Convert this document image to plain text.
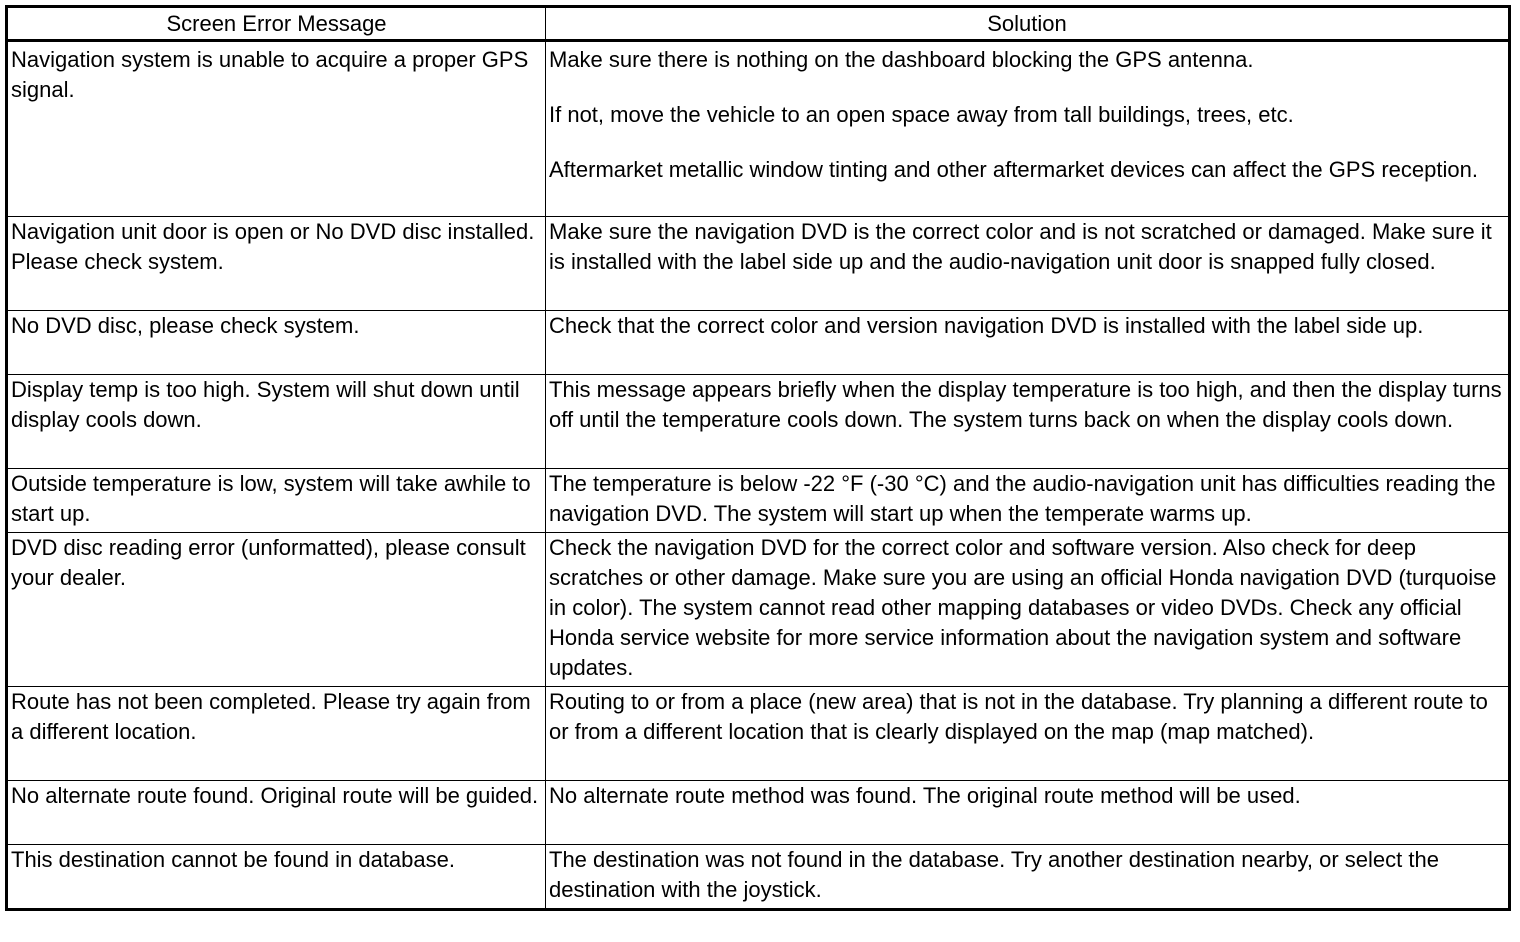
Screen Error Message	Solution
Navigation system is unable to acquire a proper GPS signal.	Make sure there is nothing on the dashboard blocking the GPS antenna.
If not, move the vehicle to an open space away from tall buildings, trees, etc.
Aftermarket metallic window tinting and other aftermarket devices can affect the GPS reception.

Navigation unit door is open or No DVD disc installed. Please check system.	Make sure the navigation DVD is the correct color and is not scratched or damaged. Make sure it is installed with the label side up and the audio-navigation unit door is snapped fully closed.

No DVD disc, please check system.	Check that the correct color and version navigation DVD is installed with the label side up.

Display temp is too high. System will shut down until display cools down.	This message appears briefly when the display temperature is too high, and then the display turns off until the temperature cools down. The system turns back on when the display cools down.

Outside temperature is low, system will take awhile to start up.	The temperature is below -22 °F (-30 °C) and the audio-navigation unit has difficulties reading the navigation DVD. The system will start up when the temperate warms up.

DVD disc reading error (unformatted), please consult your dealer.	Check the navigation DVD for the correct color and software version. Also check for deep scratches or other damage. Make sure you are using an official Honda navigation DVD (turquoise in color). The system cannot read other mapping databases or video DVDs. Check any official Honda service website for more service information about the navigation system and software updates.

Route has not been completed. Please try again from a different location.	Routing to or from a place (new area) that is not in the database. Try planning a different route to or from a different location that is clearly displayed on the map (map matched).

No alternate route found. Original route will be guided.	No alternate route method was found. The original route method will be used.

This destination cannot be found in database.	The destination was not found in the database. Try another destination nearby, or select the destination with the joystick.
